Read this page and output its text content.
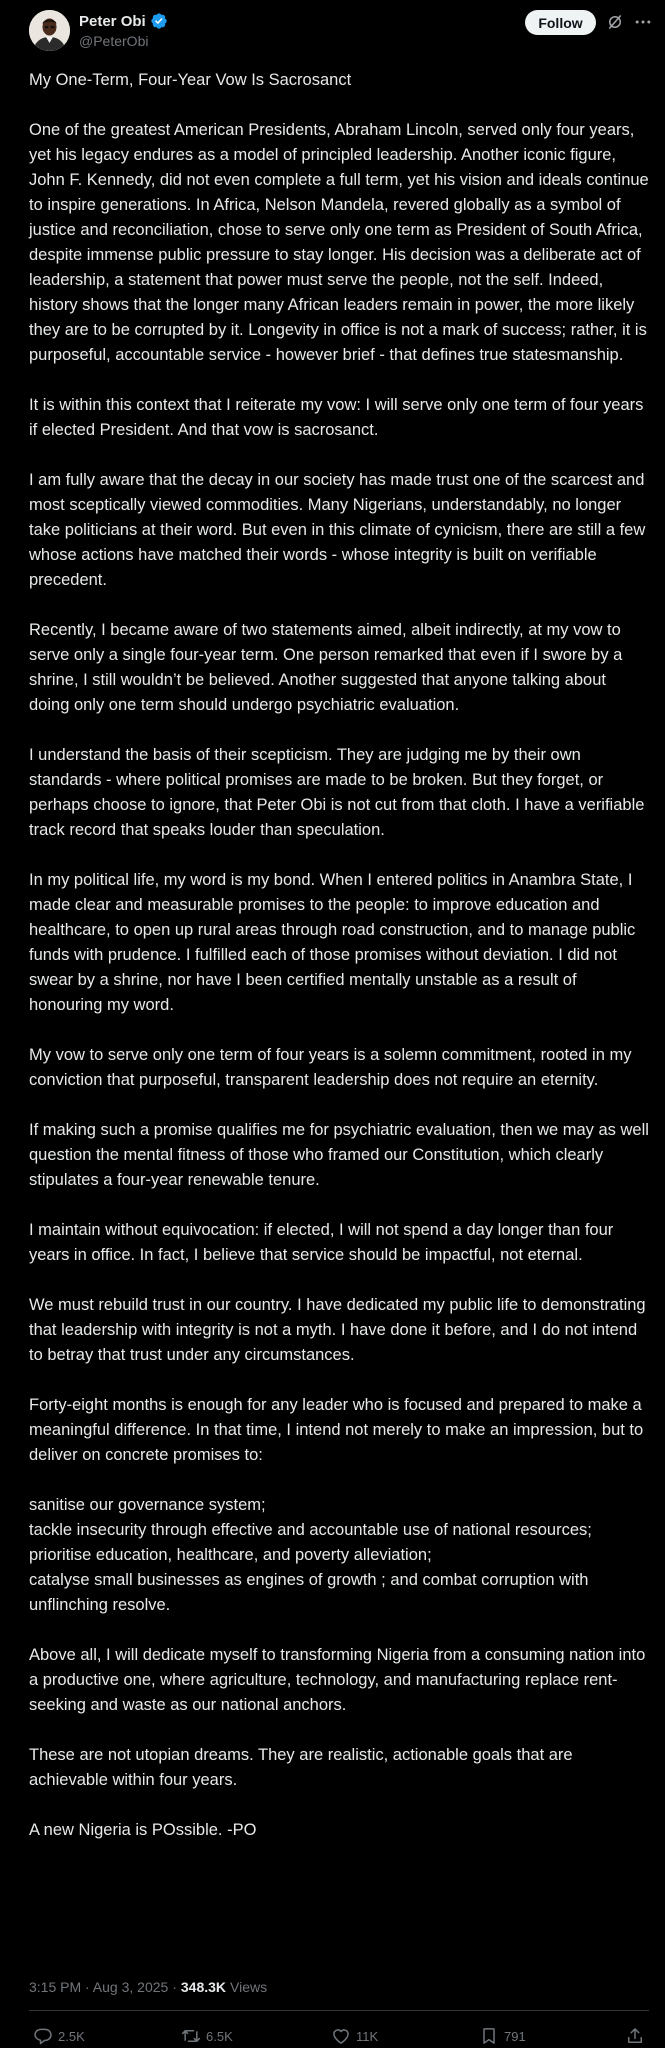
Peter Obi
@PeterObi
Follow

My One-Term, Four-Year Vow Is Sacrosanct

One of the greatest American Presidents, Abraham Lincoln, served only four years, yet his legacy endures as a model of principled leadership. Another iconic figure, John F. Kennedy, did not even complete a full term, yet his vision and ideals continue to inspire generations. In Africa, Nelson Mandela, revered globally as a symbol of justice and reconciliation, chose to serve only one term as President of South Africa, despite immense public pressure to stay longer. His decision was a deliberate act of leadership, a statement that power must serve the people, not the self. Indeed, history shows that the longer many African leaders remain in power, the more likely they are to be corrupted by it. Longevity in office is not a mark of success; rather, it is purposeful, accountable service - however brief - that defines true statesmanship.

It is within this context that I reiterate my vow: I will serve only one term of four years if elected President. And that vow is sacrosanct.

I am fully aware that the decay in our society has made trust one of the scarcest and most sceptically viewed commodities. Many Nigerians, understandably, no longer take politicians at their word. But even in this climate of cynicism, there are still a few whose actions have matched their words - whose integrity is built on verifiable precedent.

Recently, I became aware of two statements aimed, albeit indirectly, at my vow to serve only a single four-year term. One person remarked that even if I swore by a shrine, I still wouldn’t be believed. Another suggested that anyone talking about doing only one term should undergo psychiatric evaluation.

I understand the basis of their scepticism. They are judging me by their own standards - where political promises are made to be broken. But they forget, or perhaps choose to ignore, that Peter Obi is not cut from that cloth. I have a verifiable track record that speaks louder than speculation.

In my political life, my word is my bond. When I entered politics in Anambra State, I made clear and measurable promises to the people: to improve education and healthcare, to open up rural areas through road construction, and to manage public funds with prudence. I fulfilled each of those promises without deviation. I did not swear by a shrine, nor have I been certified mentally unstable as a result of honouring my word.

My vow to serve only one term of four years is a solemn commitment, rooted in my conviction that purposeful, transparent leadership does not require an eternity.

If making such a promise qualifies me for psychiatric evaluation, then we may as well question the mental fitness of those who framed our Constitution, which clearly stipulates a four-year renewable tenure.

I maintain without equivocation: if elected, I will not spend a day longer than four years in office. In fact, I believe that service should be impactful, not eternal.

We must rebuild trust in our country. I have dedicated my public life to demonstrating that leadership with integrity is not a myth. I have done it before, and I do not intend to betray that trust under any circumstances.

Forty-eight months is enough for any leader who is focused and prepared to make a meaningful difference. In that time, I intend not merely to make an impression, but to deliver on concrete promises to:

sanitise our governance system;
tackle insecurity through effective and accountable use of national resources; prioritise education, healthcare, and poverty alleviation;
catalyse small businesses as engines of growth ; and combat corruption with unflinching resolve.

Above all, I will dedicate myself to transforming Nigeria from a consuming nation into a productive one, where agriculture, technology, and manufacturing replace rent-seeking and waste as our national anchors.

These are not utopian dreams. They are realistic, actionable goals that are achievable within four years.

A new Nigeria is POssible. -PO

3:15 PM · Aug 3, 2025 · 348.3K Views
2.5K	6.5K	11K	791
